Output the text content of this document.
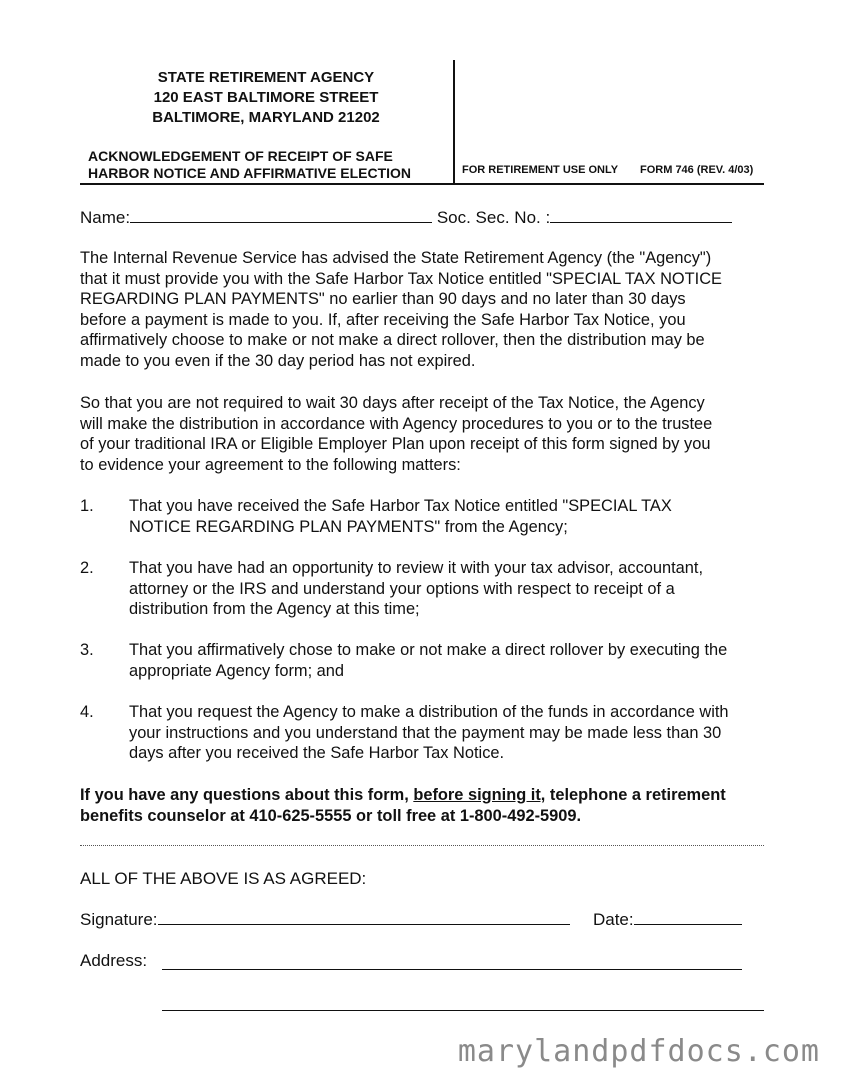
STATE RETIREMENT AGENCY
120 EAST BALTIMORE STREET
BALTIMORE, MARYLAND 21202
ACKNOWLEDGEMENT OF RECEIPT OF SAFE
HARBOR NOTICE AND AFFIRMATIVE ELECTION	FOR RETIREMENT USE ONLY FORM 746 (REV. 4/03)
Name:	Soc. Sec. No. :
The Internal Revenue Service has advised the State Retirement Agency (the "Agency")
that it must provide you with the Safe Harbor Tax Notice entitled "SPECIAL TAX NOTICE
REGARDING PLAN PAYMENTS" no earlier than 90 days and no later than 30 days
before a payment is made to you. If, after receiving the Safe Harbor Tax Notice, you
affirmatively choose to make or not make a direct rollover, then the distribution may be
made to you even if the 30 day period has not expired.
So that you are not required to wait 30 days after receipt of the Tax Notice, the Agency
will make the distribution in accordance with Agency procedures to you or to the trustee
of your traditional IRA or Eligible Employer Plan upon receipt of this form signed by you
to evidence your agreement to the following matters:
1. That you have received the Safe Harbor Tax Notice entitled "SPECIAL TAX
NOTICE REGARDING PLAN PAYMENTS" from the Agency;
2. That you have had an opportunity to review it with your tax advisor, accountant,
attorney or the IRS and understand your options with respect to receipt of a
distribution from the Agency at this time;
3. That you affirmatively chose to make or not make a direct rollover by executing the
appropriate Agency form; and
4. That you request the Agency to make a distribution of the funds in accordance with
your instructions and you understand that the payment may be made less than 30
days after you received the Safe Harbor Tax Notice.
If you have any questions about this form, before signing it, telephone a retirement
benefits counselor at 410-625-5555 or toll free at 1-800-492-5909.
ALL OF THE ABOVE IS AS AGREED:
Signature:	Date:
Address:
marylandpdfdocs.com
